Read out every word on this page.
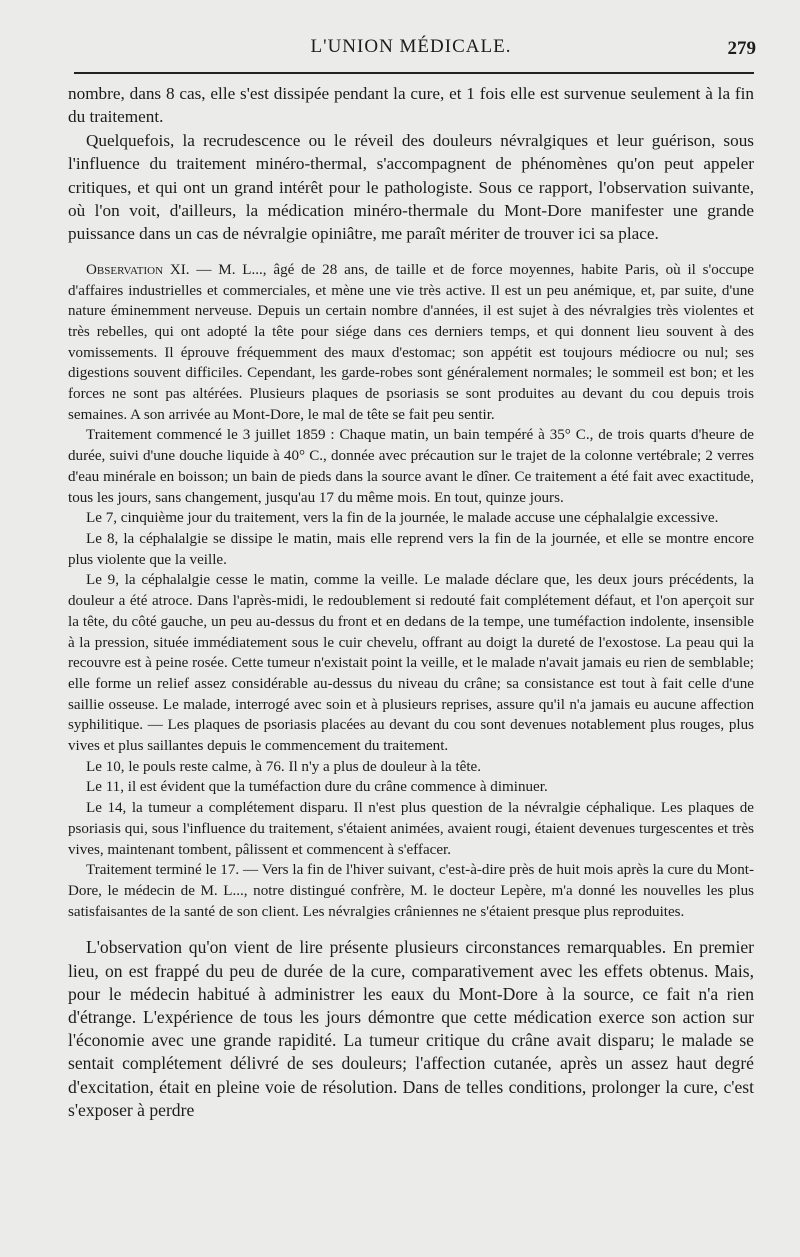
L'UNION MÉDICALE.	279

nombre, dans 8 cas, elle s'est dissipée pendant la cure, et 1 fois elle est survenue seulement à la fin du traitement.

Quelquefois, la recrudescence ou le réveil des douleurs névralgiques et leur guérison, sous l'influence du traitement minéro-thermal, s'accompagnent de phénomènes qu'on peut appeler critiques, et qui ont un grand intérêt pour le pathologiste. Sous ce rapport, l'observation suivante, où l'on voit, d'ailleurs, la médication minéro-thermale du Mont-Dore manifester une grande puissance dans un cas de névralgie opiniâtre, me paraît mériter de trouver ici sa place.

Observation XI. — M. L..., âgé de 28 ans, de taille et de force moyennes, habite Paris, où il s'occupe d'affaires industrielles et commerciales, et mène une vie très active. Il est un peu anémique, et, par suite, d'une nature éminemment nerveuse. Depuis un certain nombre d'années, il est sujet à des névralgies très violentes et très rebelles, qui ont adopté la tête pour siége dans ces derniers temps, et qui donnent lieu souvent à des vomissements. Il éprouve fréquemment des maux d'estomac; son appétit est toujours médiocre ou nul; ses digestions souvent difficiles. Cependant, les garde-robes sont généralement normales; le sommeil est bon; et les forces ne sont pas altérées. Plusieurs plaques de psoriasis se sont produites au devant du cou depuis trois semaines. A son arrivée au Mont-Dore, le mal de tête se fait peu sentir.

Traitement commencé le 3 juillet 1859 : Chaque matin, un bain tempéré à 35° C., de trois quarts d'heure de durée, suivi d'une douche liquide à 40° C., donnée avec précaution sur le trajet de la colonne vertébrale; 2 verres d'eau minérale en boisson; un bain de pieds dans la source avant le dîner. Ce traitement a été fait avec exactitude, tous les jours, sans changement, jusqu'au 17 du même mois. En tout, quinze jours.

Le 7, cinquième jour du traitement, vers la fin de la journée, le malade accuse une céphalalgie excessive.

Le 8, la céphalalgie se dissipe le matin, mais elle reprend vers la fin de la journée, et elle se montre encore plus violente que la veille.

Le 9, la céphalalgie cesse le matin, comme la veille. Le malade déclare que, les deux jours précédents, la douleur a été atroce. Dans l'après-midi, le redoublement si redouté fait complétement défaut, et l'on aperçoit sur la tête, du côté gauche, un peu au-dessus du front et en dedans de la tempe, une tuméfaction indolente, insensible à la pression, située immédiatement sous le cuir chevelu, offrant au doigt la dureté de l'exostose. La peau qui la recouvre est à peine rosée. Cette tumeur n'existait point la veille, et le malade n'avait jamais eu rien de semblable; elle forme un relief assez considérable au-dessus du niveau du crâne; sa consistance est tout à fait celle d'une saillie osseuse. Le malade, interrogé avec soin et à plusieurs reprises, assure qu'il n'a jamais eu aucune affection syphilitique. — Les plaques de psoriasis placées au devant du cou sont devenues notablement plus rouges, plus vives et plus saillantes depuis le commencement du traitement.

Le 10, le pouls reste calme, à 76. Il n'y a plus de douleur à la tête.

Le 11, il est évident que la tuméfaction dure du crâne commence à diminuer.

Le 14, la tumeur a complétement disparu. Il n'est plus question de la névralgie céphalique. Les plaques de psoriasis qui, sous l'influence du traitement, s'étaient animées, avaient rougi, étaient devenues turgescentes et très vives, maintenant tombent, pâlissent et commencent à s'effacer.

Traitement terminé le 17. — Vers la fin de l'hiver suivant, c'est-à-dire près de huit mois après la cure du Mont-Dore, le médecin de M. L..., notre distingué confrère, M. le docteur Lepère, m'a donné les nouvelles les plus satisfaisantes de la santé de son client. Les névralgies crâniennes ne s'étaient presque plus reproduites.

L'observation qu'on vient de lire présente plusieurs circonstances remarquables. En premier lieu, on est frappé du peu de durée de la cure, comparativement avec les effets obtenus. Mais, pour le médecin habitué à administrer les eaux du Mont-Dore à la source, ce fait n'a rien d'étrange. L'expérience de tous les jours démontre que cette médication exerce son action sur l'économie avec une grande rapidité. La tumeur critique du crâne avait disparu; le malade se sentait complétement délivré de ses douleurs; l'affection cutanée, après un assez haut degré d'excitation, était en pleine voie de résolution. Dans de telles conditions, prolonger la cure, c'est s'exposer à perdre
